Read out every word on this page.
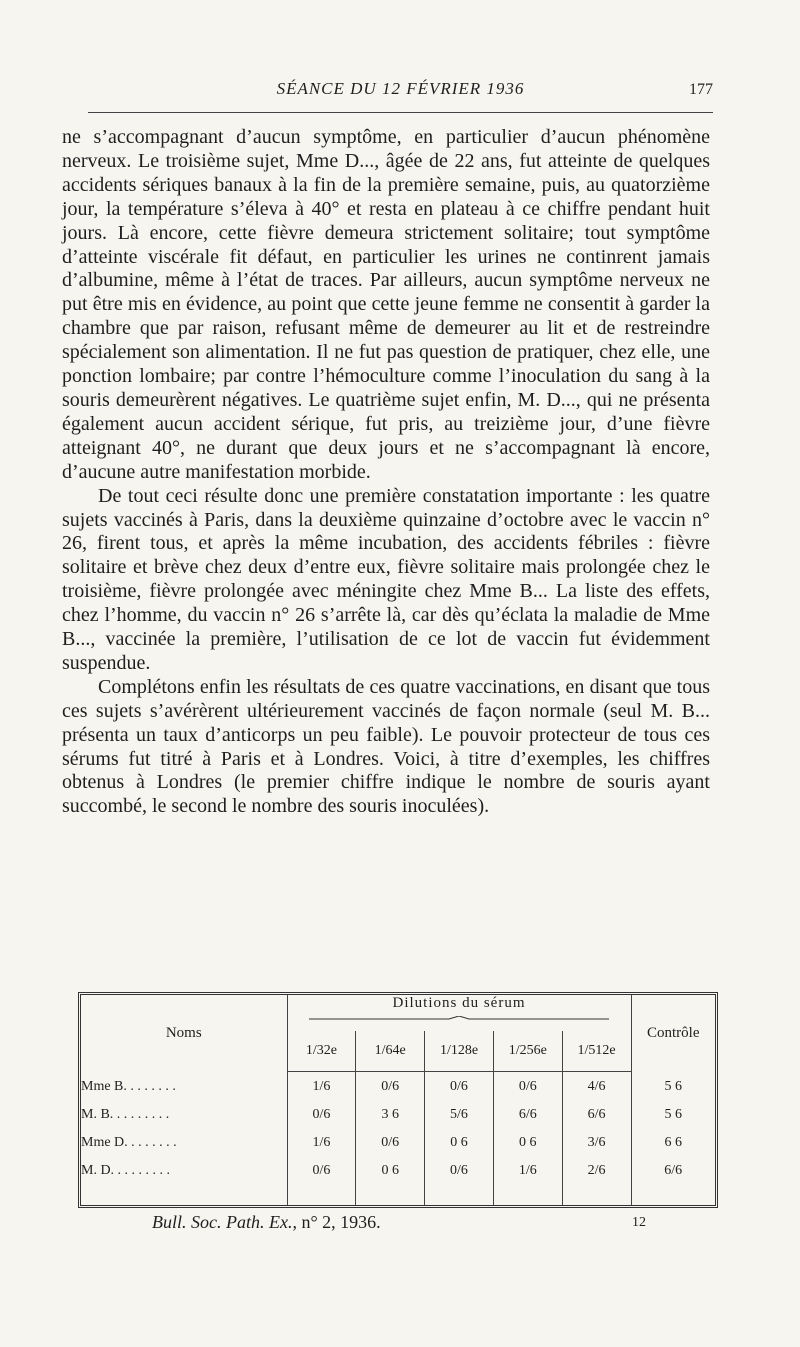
SÉANCE DU 12 FÉVRIER 1936	177

ne s’accompagnant d’aucun symptôme, en particulier d’aucun phénomène nerveux. Le troisième sujet, Mme D..., âgée de 22 ans, fut atteinte de quelques accidents sériques banaux à la fin de la première semaine, puis, au quatorzième jour, la température s’éleva à 40° et resta en plateau à ce chiffre pendant huit jours. Là encore, cette fièvre demeura strictement solitaire; tout symptôme d’atteinte viscérale fit défaut, en particulier les urines ne continrent jamais d’albumine, même à l’état de traces. Par ailleurs, aucun symptôme nerveux ne put être mis en évidence, au point que cette jeune femme ne consentit à garder la chambre que par raison, refusant même de demeurer au lit et de restreindre spécialement son alimentation. Il ne fut pas question de pratiquer, chez elle, une ponction lombaire; par contre l’hémoculture comme l’inoculation du sang à la souris demeurèrent négatives. Le quatrième sujet enfin, M. D..., qui ne présenta également aucun accident sérique, fut pris, au treizième jour, d’une fièvre atteignant 40°, ne durant que deux jours et ne s’accompagnant là encore, d’aucune autre manifestation morbide.

De tout ceci résulte donc une première constatation importante : les quatre sujets vaccinés à Paris, dans la deuxième quinzaine d’octobre avec le vaccin n° 26, firent tous, et après la même incubation, des accidents fébriles : fièvre solitaire et brève chez deux d’entre eux, fièvre solitaire mais prolongée chez le troisième, fièvre prolongée avec méningite chez Mme B... La liste des effets, chez l’homme, du vaccin n° 26 s’arrête là, car dès qu’éclata la maladie de Mme B..., vaccinée la première, l’utilisation de ce lot de vaccin fut évidemment suspendue.

Complétons enfin les résultats de ces quatre vaccinations, en disant que tous ces sujets s’avérèrent ultérieurement vaccinés de façon normale (seul M. B... présenta un taux d’anticorps un peu faible). Le pouvoir protecteur de tous ces sérums fut titré à Paris et à Londres. Voici, à titre d’exemples, les chiffres obtenus à Londres (le premier chiffre indique le nombre de souris ayant succombé, le second le nombre des souris inoculées).

Noms	Dilutions du sérum					Contrôle
	1/32e	1/64e	1/128e	1/256e	1/512e	
Mme B. . . . . . . .	1/6	0/6	0/6	0/6	4/6	5 6
M. B. . . . . . . . .	0/6	3 6	5/6	6/6	6/6	5 6
Mme D. . . . . . . .	1/6	0/6	0 6	0 6	3/6	6 6
M. D. . . . . . . . .	0/6	0 6	0/6	1/6	2/6	6/6

Bull. Soc. Path. Ex., n° 2, 1936.	12
